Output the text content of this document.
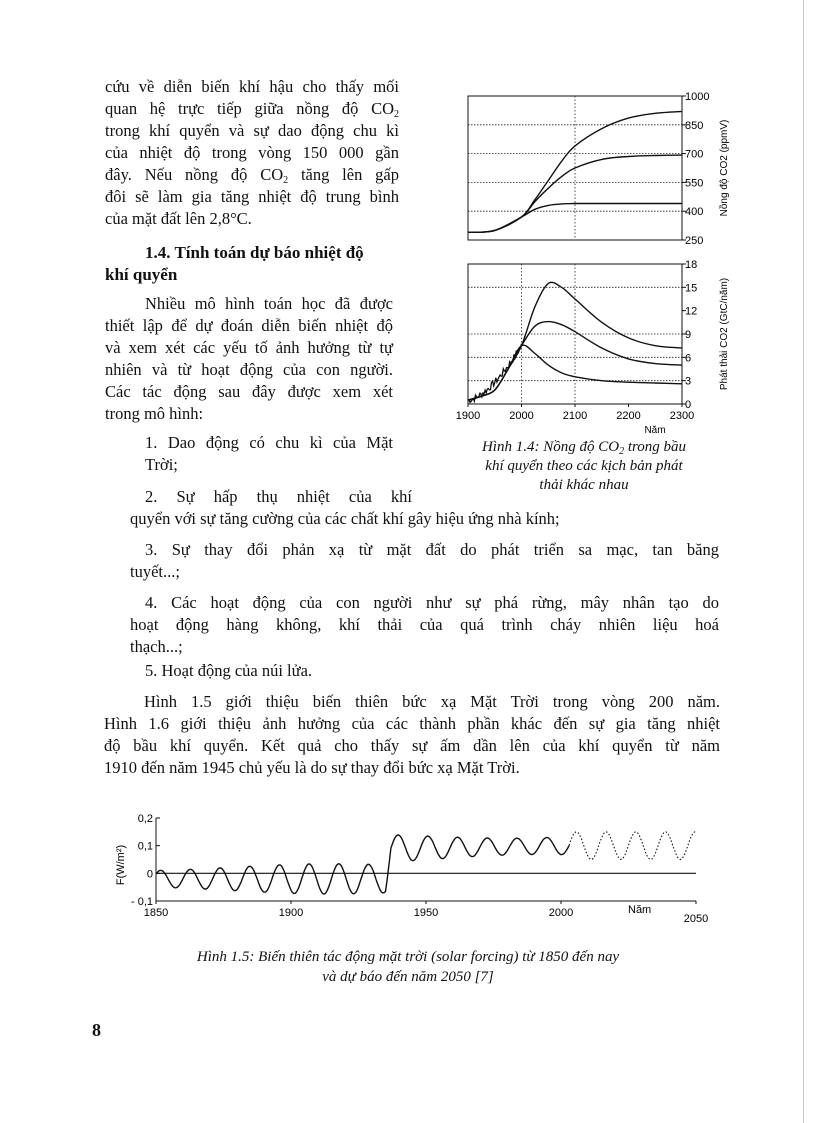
cứu về diễn biến khí hậu cho thấy mối
quan hệ trực tiếp giữa nồng độ $CO_2$
trong khí quyển và sự dao động chu kì
của nhiệt độ trong vòng 150 000 gần
đây. Nếu nồng độ $CO_2$ tăng lên gấp
đôi sẽ làm gia tăng nhiệt độ trung bình
của mặt đất lên 2,8°C.
1.4. Tính toán dự báo nhiệt độ
khí quyển
Nhiều mô hình toán học đã được
thiết lập để dự đoán diễn biến nhiệt độ
và xem xét các yếu tố ảnh hưởng từ tự
nhiên và từ hoạt động của con người.
Các tác động sau đây được xem xét
trong mô hình:
1. Dao động có chu kì của Mặt
Trời;
2. Sự hấp thụ nhiệt của khí
quyển với sự tăng cường của các chất khí gây hiệu ứng nhà kính;
3. Sự thay đổi phản xạ từ mặt đất do phát triển sa mạc, tan băng
tuyết...;
4. Các hoạt động của con người như sự phá rừng, mây nhân tạo do
hoạt động hàng không, khí thải của quá trình cháy nhiên liệu hoá
thạch...;
5. Hoạt động của núi lửa.
Hình 1.5 giới thiệu biến thiên bức xạ Mặt Trời trong vòng 200 năm.
Hình 1.6 giới thiệu ảnh hưởng của các thành phần khác đến sự gia tăng nhiệt
độ bầu khí quyển. Kết quả cho thấy sự ấm dần lên của khí quyển từ năm
1910 đến năm 1945 chủ yếu là do sự thay đổi bức xạ Mặt Trời.
1000
850
700
550
400
250
Nồng độ CO2 (ppmV)
18
15
12
9
6
3
0
1900	2000	2100	2200	2300
Phát thải CO2 (GtC/năm)
Năm
Hình 1.4: Nồng độ $CO_2$ trong bầu
khí quyển theo các kịch bản phát
thải khác nhau
0,2
0,1
0
- 0,1
1850	1900	1950	2000	2050
F(W/m²)
Năm
Hình 1.5: Biến thiên tác động mặt trời (solar forcing) từ 1850 đến nay
và dự báo đến năm 2050 [7]
8
